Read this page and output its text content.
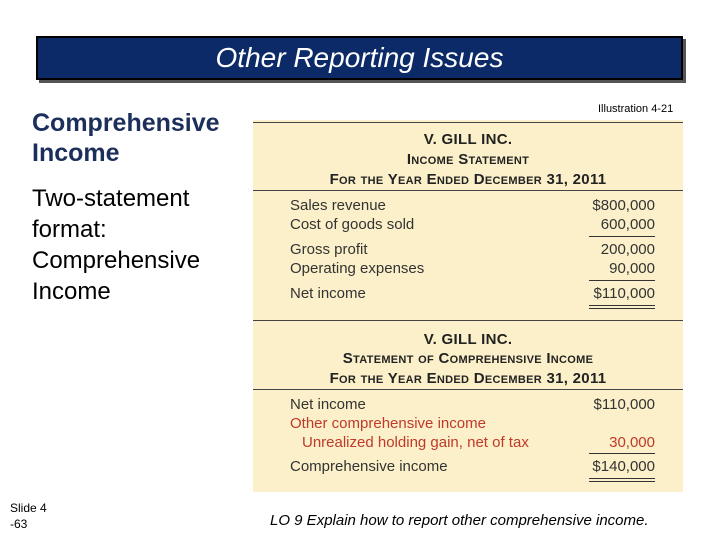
Other Reporting Issues
Comprehensive
Income
Two-statement
format:
Comprehensive
Income
Illustration 4-21
V. GILL INC.
Income Statement
For the Year Ended December 31, 2011
Sales revenue	$800,000
Cost of goods sold	600,000
Gross profit	200,000
Operating expenses	90,000
Net income	$110,000
V. GILL INC.
Statement of Comprehensive Income
For the Year Ended December 31, 2011
Net income	$110,000
Other comprehensive income
Unrealized holding gain, net of tax	30,000
Comprehensive income	$140,000
Slide 4
-63	LO 9 Explain how to report other comprehensive income.
